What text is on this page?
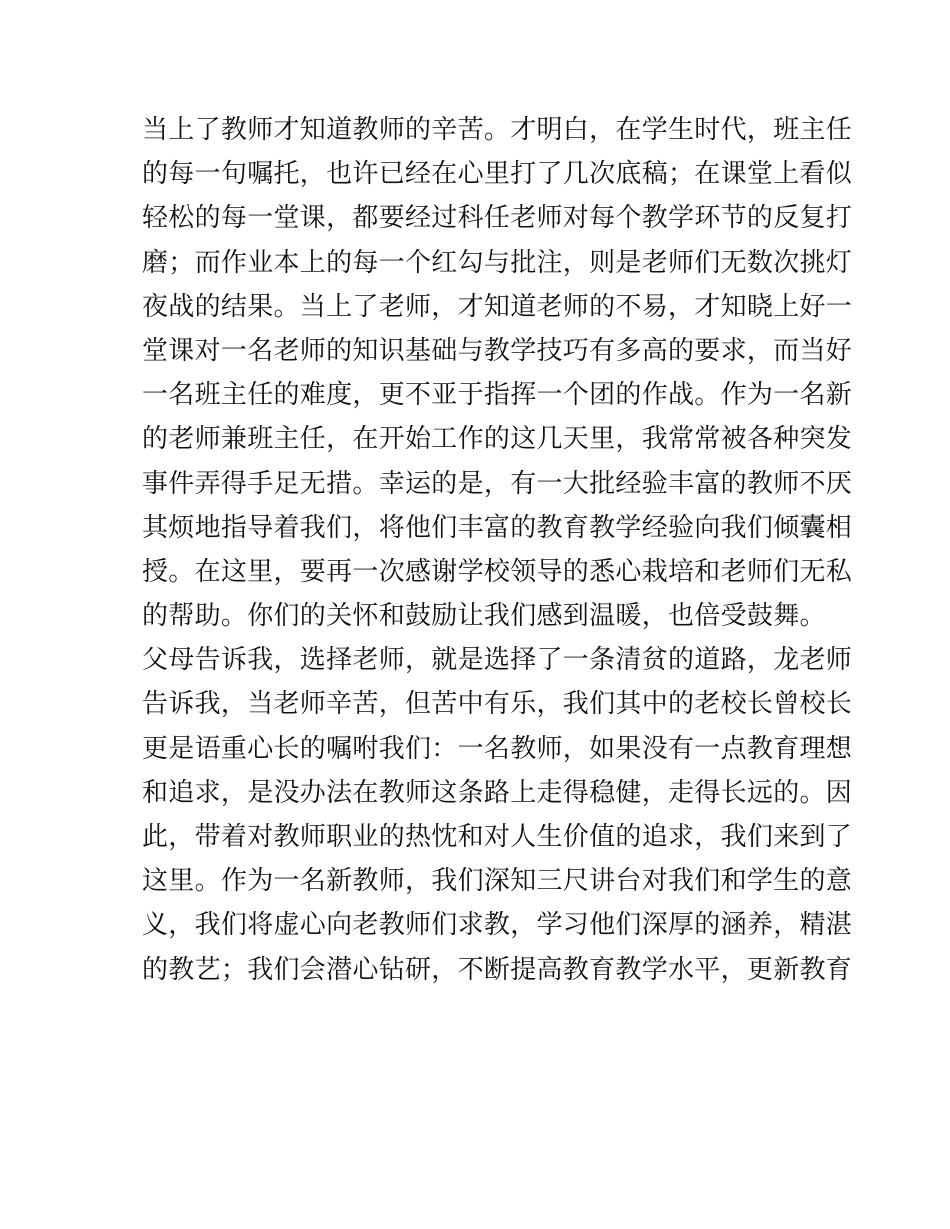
当上了教师才知道教师的辛苦。才明白，在学生时代，班主任
的每一句嘱托，也许已经在心里打了几次底稿；在课堂上看似
轻松的每一堂课，都要经过科任老师对每个教学环节的反复打
磨；而作业本上的每一个红勾与批注，则是老师们无数次挑灯
夜战的结果。当上了老师，才知道老师的不易，才知晓上好一
堂课对一名老师的知识基础与教学技巧有多高的要求，而当好
一名班主任的难度，更不亚于指挥一个团的作战。作为一名新
的老师兼班主任，在开始工作的这几天里，我常常被各种突发
事件弄得手足无措。幸运的是，有一大批经验丰富的教师不厌
其烦地指导着我们，将他们丰富的教育教学经验向我们倾囊相
授。在这里，要再一次感谢学校领导的悉心栽培和老师们无私
的帮助。你们的关怀和鼓励让我们感到温暖，也倍受鼓舞。
父母告诉我，选择老师，就是选择了一条清贫的道路，龙老师
告诉我，当老师辛苦，但苦中有乐，我们其中的老校长曾校长
更是语重心长的嘱咐我们：一名教师，如果没有一点教育理想
和追求，是没办法在教师这条路上走得稳健，走得长远的。因
此，带着对教师职业的热忱和对人生价值的追求，我们来到了
这里。作为一名新教师，我们深知三尺讲台对我们和学生的意
义，我们将虚心向老教师们求教，学习他们深厚的涵养，精湛
的教艺；我们会潜心钻研，不断提高教育教学水平，更新教育
